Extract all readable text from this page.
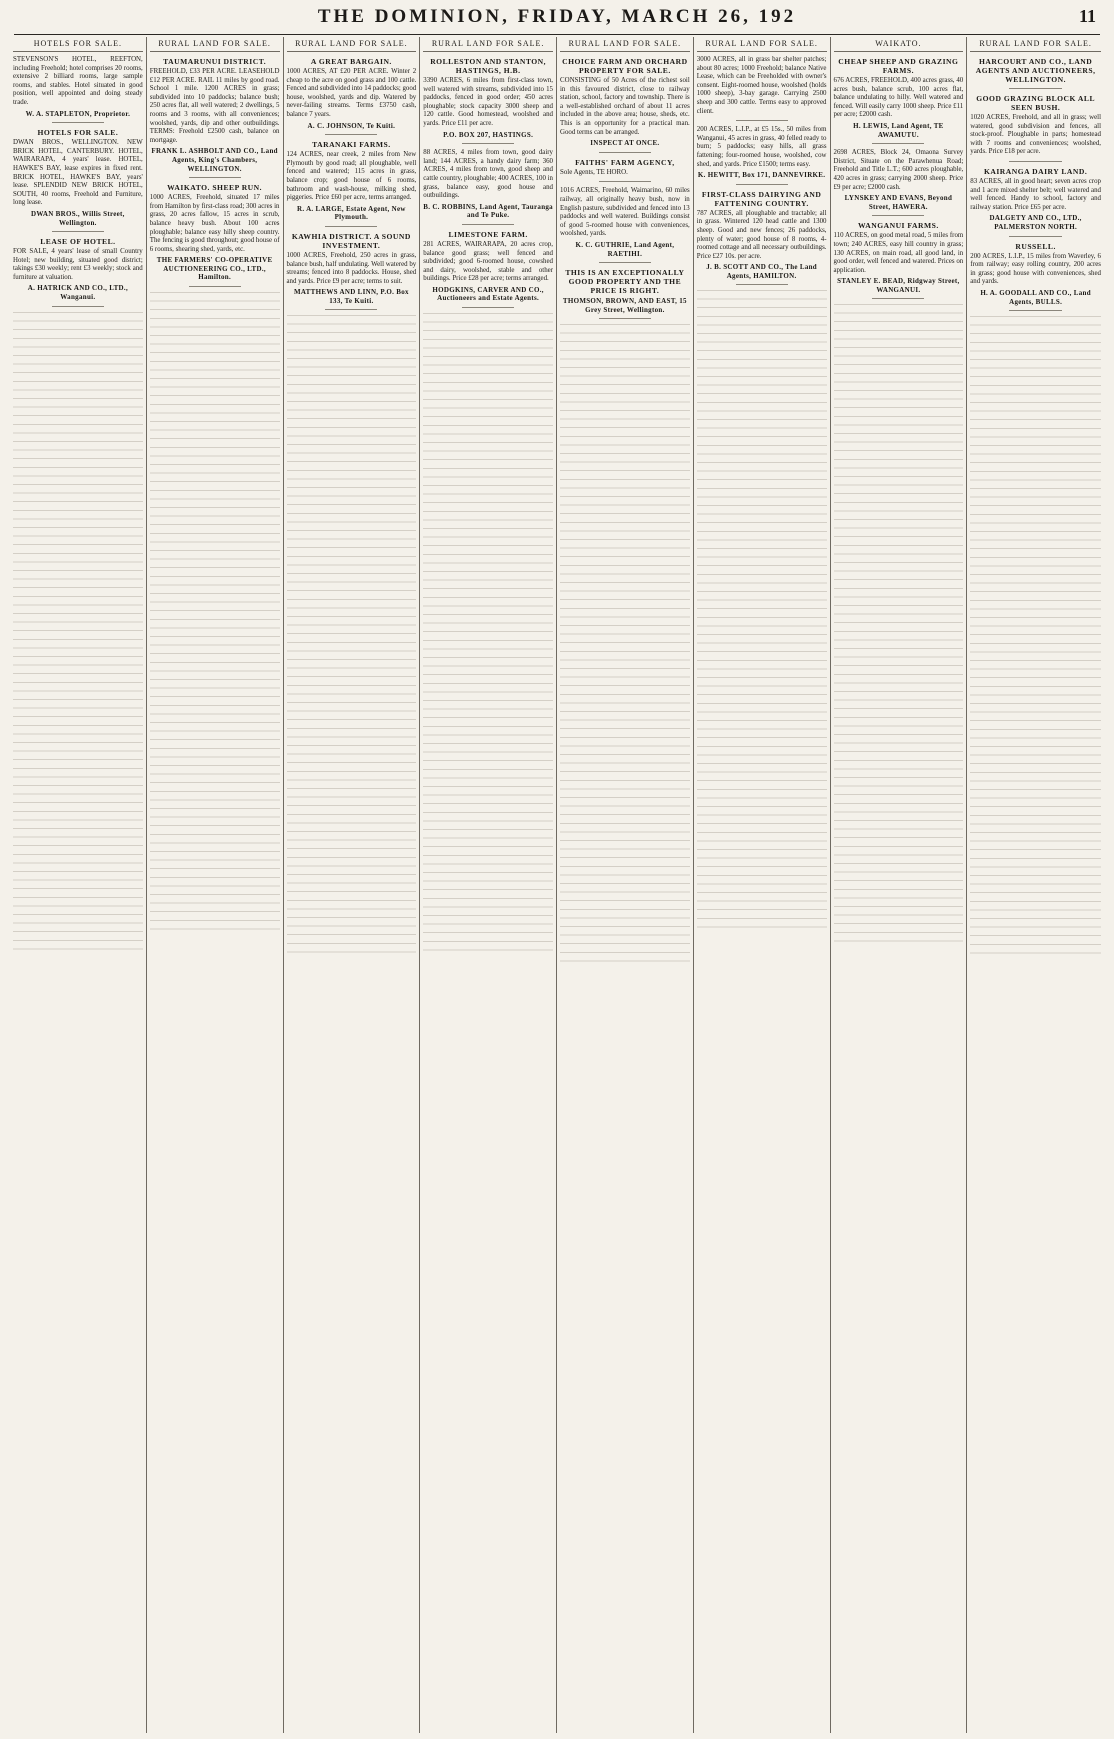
THE DOMINION, FRIDAY, MARCH 26, 192	11
HOTELS FOR SALE.

STEVENSON'S HOTEL, REEFTON, including Freehold; hotel comprises 20 rooms, extensive 2 billiard rooms, large sample rooms, and stables. Hotel situated in good position, well appointed and doing steady trade.

W. A. STAPLETON, Proprietor.
HOTELS FOR SALE.

DWAN BROS., WELLINGTON. NEW BRICK HOTEL, CANTERBURY. HOTEL, WAIRARAPA, 4 years' lease. HOTEL, HAWKE'S BAY, lease expires in fixed rent. BRICK HOTEL, HAWKE'S BAY, years' lease. SPLENDID NEW BRICK HOTEL, SOUTH, 40 rooms, Freehold and Furniture, long lease.

DWAN BROS., Willis Street, Wellington.
LEASE OF HOTEL.

FOR SALE, 4 years' lease of small Country Hotel; new building, situated good district; takings £30 weekly; rent £3 weekly; stock and furniture at valuation.

A. HATRICK AND CO., LTD., Wanganui.
RURAL LAND FOR SALE.
TAUMARUNUI DISTRICT.

FREEHOLD, £33 PER ACRE. LEASEHOLD £12 PER ACRE. RAIL 11 miles by good road. School 1 mile. 1200 ACRES in grass; subdivided into 10 paddocks; balance bush; 250 acres flat, all well watered; 2 dwellings, 5 rooms and 3 rooms, with all conveniences; woolshed, yards, dip and other outbuildings. TERMS: Freehold £2500 cash, balance on mortgage.

FRANK L. ASHBOLT AND CO., Land Agents, King's Chambers, WELLINGTON.
WAIKATO. SHEEP RUN.

1000 ACRES, Freehold, situated 17 miles from Hamilton by first-class road; 300 acres in grass, 20 acres fallow, 15 acres in scrub, balance heavy bush. About 100 acres ploughable; balance easy hilly sheep country. The fencing is good throughout; good house of 6 rooms, shearing shed, yards, etc.

THE FARMERS' CO-OPERATIVE AUCTIONEERING CO., LTD., Hamilton.
RURAL LAND FOR SALE.
A GREAT BARGAIN.

1000 ACRES, AT £20 PER ACRE. Winter 2 cheap to the acre on good grass and 100 cattle. Fenced and subdivided into 14 paddocks; good house, woolshed, yards and dip. Watered by never-failing streams. Terms £3750 cash, balance 7 years.

A. C. JOHNSON, Te Kuiti.
TARANAKI FARMS.

124 ACRES, near creek, 2 miles from New Plymouth by good road; all ploughable, well fenced and watered; 115 acres in grass, balance crop; good house of 6 rooms, bathroom and wash-house, milking shed, piggeries. Price £60 per acre, terms arranged.

R. A. LARGE, Estate Agent, New Plymouth.
KAWHIA DISTRICT. A SOUND INVESTMENT.

1000 ACRES, Freehold, 250 acres in grass, balance bush, half undulating. Well watered by streams; fenced into 8 paddocks. House, shed and yards. Price £9 per acre; terms to suit.

MATTHEWS AND LINN, P.O. Box 133, Te Kuiti.
RURAL LAND FOR SALE.
ROLLESTON AND STANTON, HASTINGS, H.B.

3390 ACRES, 6 miles from first-class town, well watered with streams, subdivided into 15 paddocks, fenced in good order; 450 acres ploughable; stock capacity 3000 sheep and 120 cattle. Good homestead, woolshed and yards. Price £11 per acre.

P.O. BOX 207, HASTINGS.

88 ACRES, 4 miles from town, good dairy land; 144 ACRES, a handy dairy farm; 360 ACRES, 4 miles from town, good sheep and cattle country, ploughable; 400 ACRES, 100 in grass, balance easy, good house and outbuildings.

B. C. ROBBINS, Land Agent, Tauranga and Te Puke.
LIMESTONE FARM.

281 ACRES, WAIRARAPA, 20 acres crop, balance good grass; well fenced and subdivided; good 6-roomed house, cowshed and dairy, woolshed, stable and other buildings. Price £28 per acre; terms arranged.

HODGKINS, CARVER AND CO., Auctioneers and Estate Agents.
RURAL LAND FOR SALE.
CHOICE FARM AND ORCHARD PROPERTY FOR SALE.

CONSISTING of 50 Acres of the richest soil in this favoured district, close to railway station, school, factory and township. There is a well-established orchard of about 11 acres included in the above area; house, sheds, etc. This is an opportunity for a practical man. Good terms can be arranged.

INSPECT AT ONCE.
FAITHS' FARM AGENCY,

Sole Agents, TE HORO.

1016 ACRES, Freehold, Waimarino, 60 miles railway, all originally heavy bush, now in English pasture, subdivided and fenced into 13 paddocks and well watered. Buildings consist of good 5-roomed house with conveniences, woolshed, yards.

K. C. GUTHRIE, Land Agent, RAETIHI.
THIS IS AN EXCEPTIONALLY GOOD PROPERTY AND THE PRICE IS RIGHT.
THOMSON, BROWN, AND EAST, 15 Grey Street, Wellington.
RURAL LAND FOR SALE.

3000 ACRES, all in grass bar shelter patches; about 80 acres; 1000 Freehold; balance Native Lease, which can be Freeholded with owner's consent. Eight-roomed house, woolshed (holds 1000 sheep), 3-bay garage. Carrying 2500 sheep and 300 cattle. Terms easy to approved client.

200 ACRES, L.I.P., at £5 15s., 50 miles from Wanganui, 45 acres in grass, 40 felled ready to burn; 5 paddocks; easy hills, all grass fattening; four-roomed house, woolshed, cow shed, and yards. Price £1500; terms easy.

K. HEWITT, Box 171, DANNEVIRKE.
FIRST-CLASS DAIRYING AND FATTENING COUNTRY.

787 ACRES, all ploughable and tractable; all in grass. Wintered 120 head cattle and 1300 sheep. Good and new fences; 26 paddocks, plenty of water; good house of 8 rooms, 4-roomed cottage and all necessary outbuildings. Price £27 10s. per acre.

J. B. SCOTT AND CO., The Land Agents, HAMILTON.
WAIKATO.
CHEAP SHEEP AND GRAZING FARMS.

676 ACRES, FREEHOLD, 400 acres grass, 40 acres bush, balance scrub, 100 acres flat, balance undulating to hilly. Well watered and fenced. Will easily carry 1000 sheep. Price £11 per acre; £2000 cash.

H. LEWIS, Land Agent, TE AWAMUTU.

2698 ACRES, Block 24, Omaona Survey District, Situate on the Parawhenua Road; Freehold and Title L.T.; 600 acres ploughable, 420 acres in grass; carrying 2000 sheep. Price £9 per acre; £2000 cash.

LYNSKEY AND EVANS, Beyond Street, HAWERA.
WANGANUI FARMS.

110 ACRES, on good metal road, 5 miles from town; 240 ACRES, easy hill country in grass; 130 ACRES, on main road, all good land, in good order, well fenced and watered. Prices on application.

STANLEY E. BEAD, Ridgway Street, WANGANUI.
RURAL LAND FOR SALE.
HARCOURT AND CO., LAND AGENTS AND AUCTIONEERS, WELLINGTON.
GOOD GRAZING BLOCK ALL SEEN BUSH.

1020 ACRES, Freehold, and all in grass; well watered, good subdivision and fences, all stock-proof. Ploughable in parts; homestead with 7 rooms and conveniences; woolshed, yards. Price £18 per acre.

KAIRANGA DAIRY LAND.

83 ACRES, all in good heart; seven acres crop and 1 acre mixed shelter belt; well watered and well fenced. Handy to school, factory and railway station. Price £65 per acre.

DALGETY AND CO., LTD., PALMERSTON NORTH.
RUSSELL.

200 ACRES, L.I.P., 15 miles from Waverley, 6 from railway; easy rolling country, 200 acres in grass; good house with conveniences, shed and yards.

H. A. GOODALL AND CO., Land Agents, BULLS.
